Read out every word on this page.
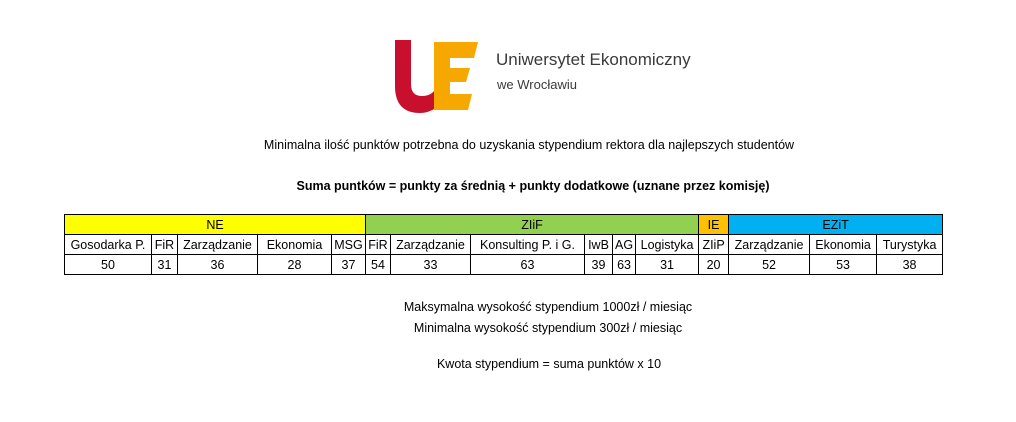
Uniwersytet Ekonomiczny
we Wrocławiu
Minimalna ilość punktów potrzebna do uzyskania stypendium rektora dla najlepszych studentów
Suma puntków = punkty za średnią + punkty dodatkowe (uznane przez komisję)
NE					ZIiF						IE	EZiT		
Gosodarka P.	FiR	Zarządzanie	Ekonomia	MSG	FiR	Zarządzanie	Konsulting P. i G.	IwB	AG	Logistyka	ZIiP	Zarządzanie	Ekonomia	Turystyka
50	31	36	28	37	54	33	63	39	63	31	20	52	53	38
Maksymalna wysokość stypendium 1000zł / miesiąc
Minimalna wysokość stypendium 300zł / miesiąc
Kwota stypendium = suma punktów x 10
